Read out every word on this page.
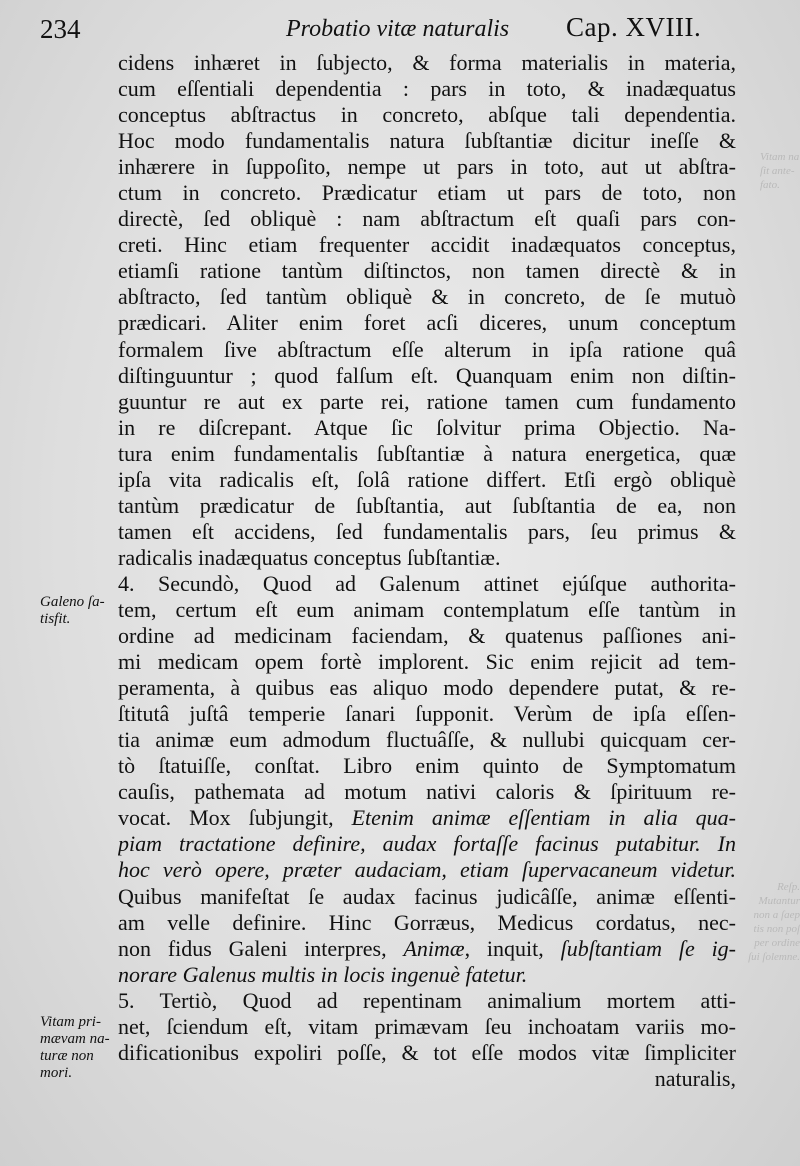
Vitam na
ſit ante-
fato.
Reſp.
Mutantur
non a ſaep
tis non poſ
per ordine
ſui ſolemne.
234	Probatio vitæ naturalis Cap. XVIII.
Galeno ſa-
tisfit.
Vitam pri-
mævam na-
turæ non
mori.
cidens inhæret in ſubjecto, & forma materialis in materia,
cum eſſentiali dependentia : pars in toto, & inadæquatus
conceptus abſtractus in concreto, abſque tali dependentia.
Hoc modo fundamentalis natura ſubſtantiæ dicitur ineſſe &
inhærere in ſuppoſito, nempe ut pars in toto, aut ut abſtra-
ctum in concreto. Prædicatur etiam ut pars de toto, non
directè, ſed obliquè : nam abſtractum eſt quaſi pars con-
creti. Hinc etiam frequenter accidit inadæquatos conceptus,
etiamſi ratione tantùm diſtinctos, non tamen directè & in
abſtracto, ſed tantùm obliquè & in concreto, de ſe mutuò
prædicari. Aliter enim foret acſi diceres, unum conceptum
formalem ſive abſtractum eſſe alterum in ipſa ratione quâ
diſtinguuntur ; quod falſum eſt. Quanquam enim non diſtin-
guuntur re aut ex parte rei, ratione tamen cum fundamento
in re diſcrepant. Atque ſic ſolvitur prima Objectio. Na-
tura enim fundamentalis ſubſtantiæ à natura energetica, quæ
ipſa vita radicalis eſt, ſolâ ratione differt. Etſi ergò obliquè
tantùm prædicatur de ſubſtantia, aut ſubſtantia de ea, non
tamen eſt accidens, ſed fundamentalis pars, ſeu primus &
radicalis inadæquatus conceptus ſubſtantiæ.
4. Secundò, Quod ad Galenum attinet ejúſque authorita-
tem, certum eſt eum animam contemplatum eſſe tantùm in
ordine ad medicinam faciendam, & quatenus paſſiones ani-
mi medicam opem fortè implorent. Sic enim rejicit ad tem-
peramenta, à quibus eas aliquo modo dependere putat, & re-
ſtitutâ juſtâ temperie ſanari ſupponit. Verùm de ipſa eſſen-
tia animæ eum admodum fluctuâſſe, & nullubi quicquam cer-
tò ſtatuiſſe, conſtat. Libro enim quinto de Symptomatum
cauſis, pathemata ad motum nativi caloris & ſpirituum re-
vocat. Mox ſubjungit, Etenim animæ eſſentiam in alia qua-
piam tractatione definire, audax fortaſſe facinus putabitur. In
hoc verò opere, præter audaciam, etiam ſupervacaneum videtur.
Quibus manifeſtat ſe audax facinus judicâſſe, animæ eſſenti-
am velle definire. Hinc Gorræus, Medicus cordatus, nec-
non fidus Galeni interpres, Animæ, inquit, ſubſtantiam ſe ig-
norare Galenus multis in locis ingenuè fatetur.
5. Tertiò, Quod ad repentinam animalium mortem atti-
net, ſciendum eſt, vitam primævam ſeu inchoatam variis mo-
dificationibus expoliri poſſe, & tot eſſe modos vitæ ſimpliciter
naturalis,
